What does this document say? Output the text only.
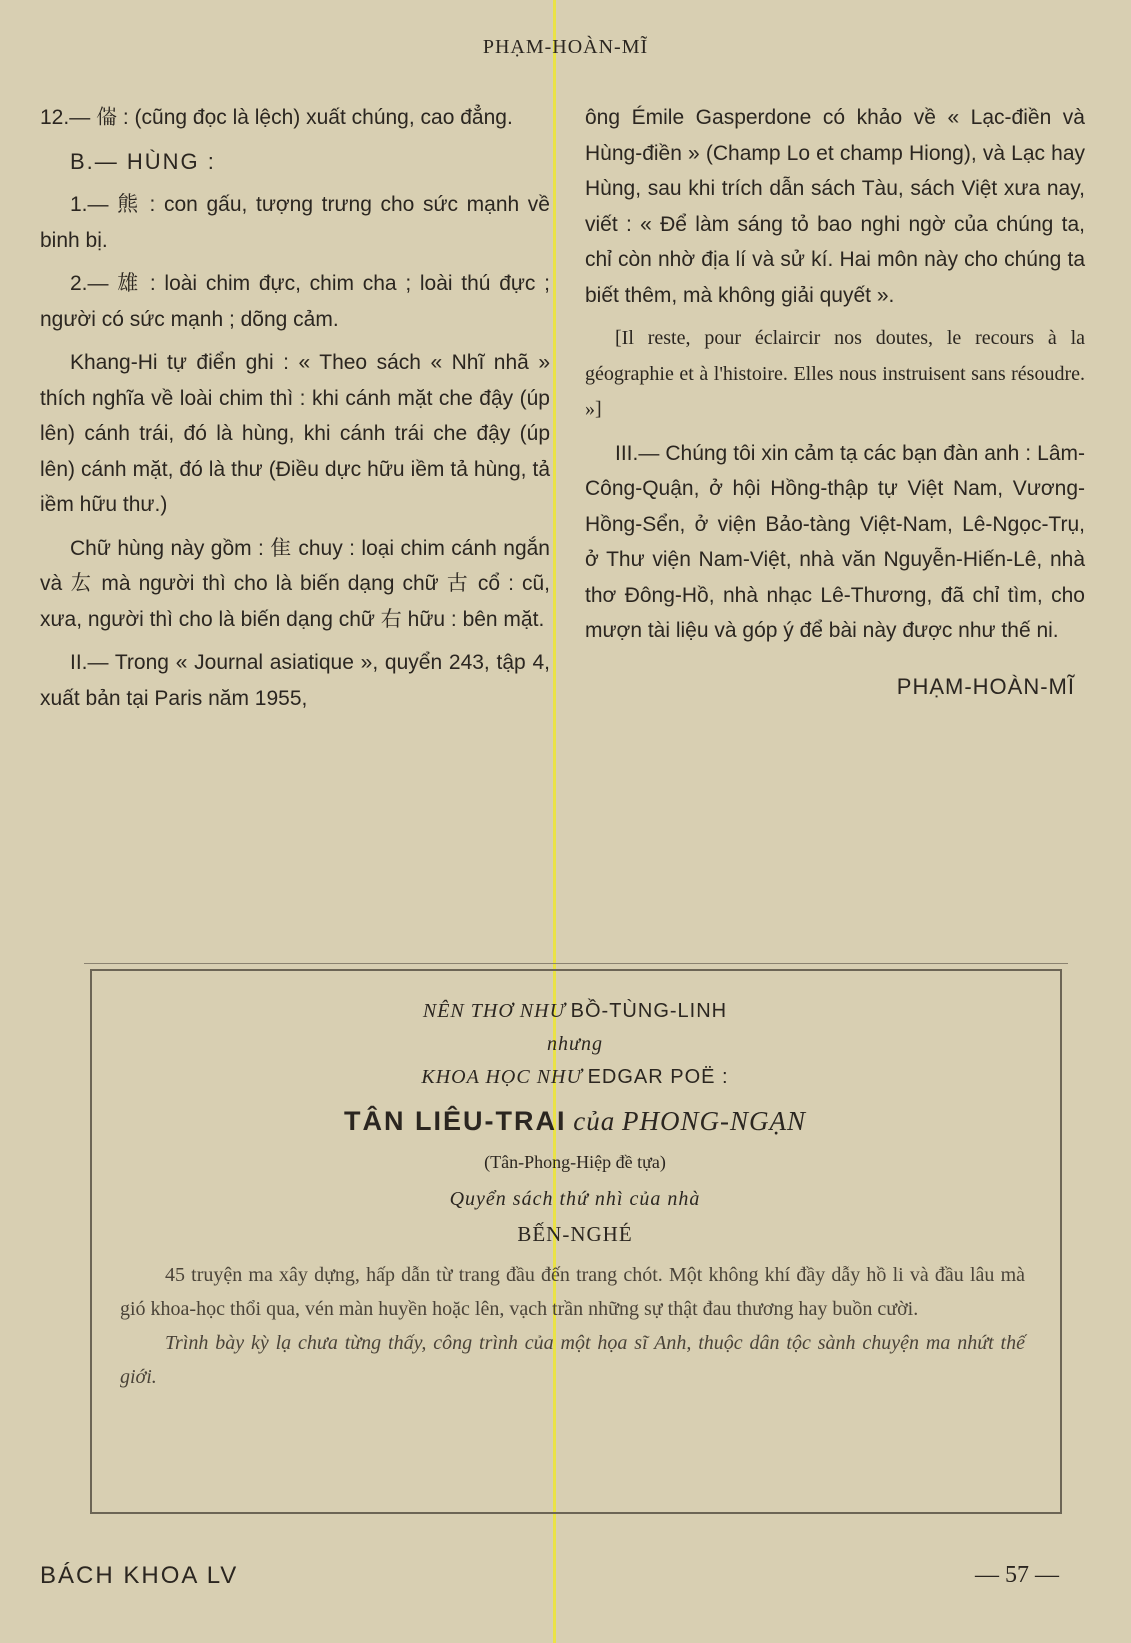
PHẠM-HOÀN-MĨ

12.— 𠍓 : (cũng đọc là lệch) xuất chúng, cao đẳng.

B.— HÙNG :

1.— 熊 : con gấu, tượng trưng cho sức mạnh về binh bị.

2.— 雄 : loài chim đực, chim cha ; loài thú đực ; người có sức mạnh ; dõng cảm.

Khang-Hi tự điển ghi : « Theo sách « Nhĩ nhã » thích nghĩa về loài chim thì : khi cánh mặt che đậy (úp lên) cánh trái, đó là hùng, khi cánh trái che đậy (úp lên) cánh mặt, đó là thư (Điều dực hữu iềm tả hùng, tả iềm hữu thư.)

Chữ hùng này gồm : 隹 chuy : loại chim cánh ngắn và 厷 mà người thì cho là biến dạng chữ 古 cổ : cũ, xưa, người thì cho là biến dạng chữ 右 hữu : bên mặt.

II.— Trong « Journal asiatique », quyển 243, tập 4, xuất bản tại Paris năm 1955,

ông Émile Gasperdone có khảo về « Lạc-điền và Hùng-điền » (Champ Lo et champ Hiong), và Lạc hay Hùng, sau khi trích dẫn sách Tàu, sách Việt xưa nay, viết : « Để làm sáng tỏ bao nghi ngờ của chúng ta, chỉ còn nhờ địa lí và sử kí. Hai môn này cho chúng ta biết thêm, mà không giải quyết ».

[Il reste, pour éclaircir nos doutes, le recours à la géographie et à l'histoire. Elles nous instruisent sans résoudre. »]

III.— Chúng tôi xin cảm tạ các bạn đàn anh : Lâm-Công-Quận, ở hội Hồng-thập tự Việt Nam, Vương-Hồng-Sển, ở viện Bảo-tàng Việt-Nam, Lê-Ngọc-Trụ, ở Thư viện Nam-Việt, nhà văn Nguyễn-Hiến-Lê, nhà thơ Đông-Hồ, nhà nhạc Lê-Thương, đã chỉ tìm, cho mượn tài liệu và góp ý để bài này được như thế ni.

PHẠM-HOÀN-MĨ

NÊN THƠ NHƯ BỒ-TÙNG-LINH
nhưng
KHOA HỌC NHƯ EDGAR POË :
TÂN LIÊU-TRAI của PHONG-NGẠN
(Tân-Phong-Hiệp đề tựa)
Quyển sách thứ nhì của nhà
BẾN-NGHÉ

45 truyện ma xây dựng, hấp dẫn từ trang đầu đến trang chót. Một không khí đầy dẫy hồ li và đầu lâu mà gió khoa-học thổi qua, vén màn huyền hoặc lên, vạch trần những sự thật đau thương hay buồn cười.

Trình bày kỳ lạ chưa từng thấy, công trình của một họa sĩ Anh, thuộc dân tộc sành chuyện ma nhứt thế giới.

BÁCH KHOA LV	— 57 —
